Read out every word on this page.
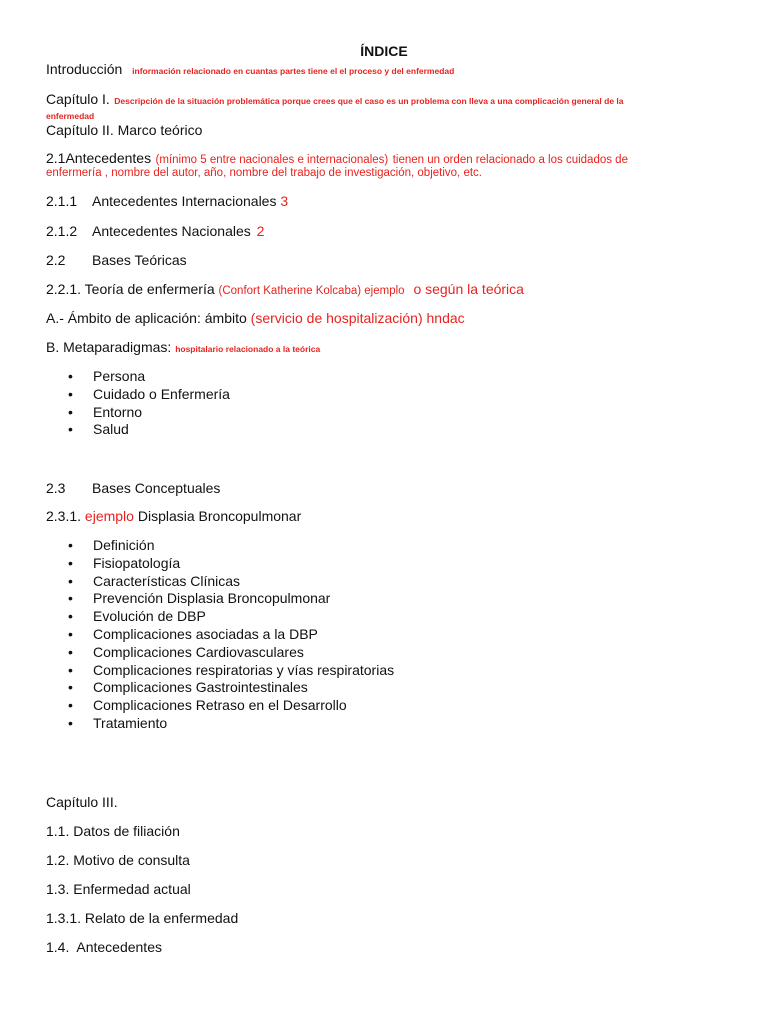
ÍNDICE
Introducción información relacionado en cuantas partes tiene el el proceso y del enfermedad
Capítulo I. Descripción de la situación problemática porque crees que el caso es un problema con lleva a una complicación general de la
enfermedad
Capítulo II. Marco teórico
2.1Antecedentes (mínimo 5 entre nacionales e internacionales) tienen un orden relacionado a los cuidados de
enfermería , nombre del autor, año, nombre del trabajo de investigación, objetivo, etc.
2.1.1 Antecedentes Internacionales 3
2.1.2 Antecedentes Nacionales 2
2.2 Bases Teóricas
2.2.1. Teoría de enfermería (Confort Katherine Kolcaba) ejemplo o según la teórica
A.- Ámbito de aplicación: ámbito (servicio de hospitalización) hndac
B. Metaparadigmas: hospitalario relacionado a la teórica
• Persona
• Cuidado o Enfermería
• Entorno
• Salud
2.3 Bases Conceptuales
2.3.1. ejemplo Displasia Broncopulmonar
• Definición
• Fisiopatología
• Características Clínicas
• Prevención Displasia Broncopulmonar
• Evolución de DBP
• Complicaciones asociadas a la DBP
• Complicaciones Cardiovasculares
• Complicaciones respiratorias y vías respiratorias
• Complicaciones Gastrointestinales
• Complicaciones Retraso en el Desarrollo
• Tratamiento
Capítulo III.
1.1. Datos de filiación
1.2. Motivo de consulta
1.3. Enfermedad actual
1.3.1. Relato de la enfermedad
1.4.  Antecedentes
